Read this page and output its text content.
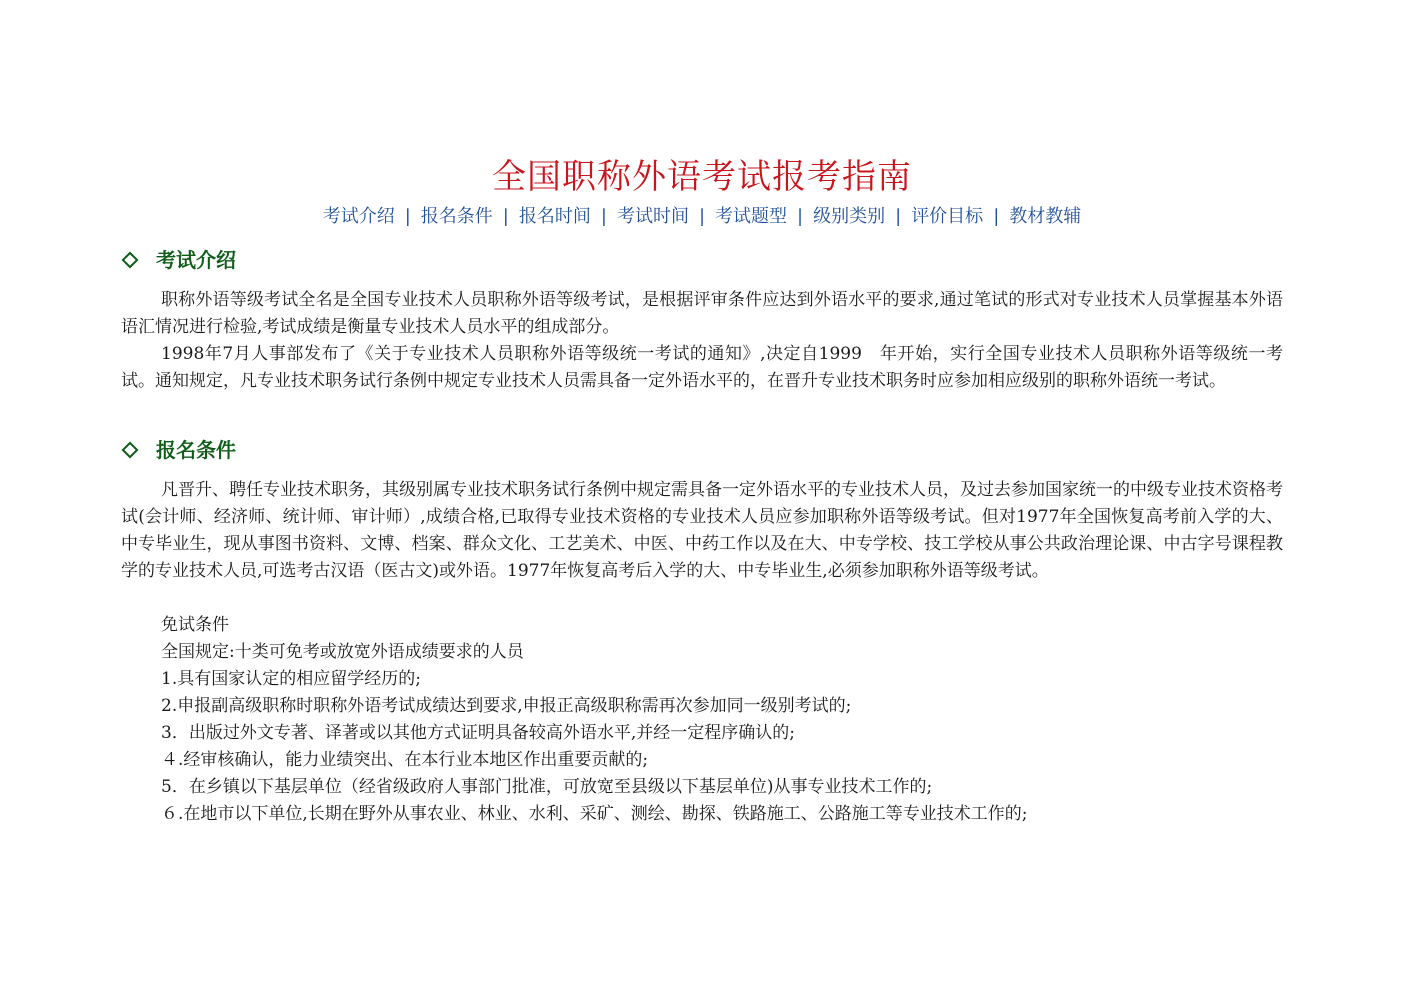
全国职称外语考试报考指南
考试介绍 | 报名条件 | 报名时间 | 考试时间 | 考试题型 | 级别类别 | 评价目标 | 教材教辅
考试介绍
职称外语等级考试全名是全国专业技术人员职称外语等级考试，是根据评审条件应达到外语水平的要求,通过笔试的形式对专业技术人员掌握基本外语语汇情况进行检验,考试成绩是衡量专业技术人员水平的组成部分。
1998年7月人事部发布了《关于专业技术人员职称外语等级统一考试的通知》,决定自1999　年开始，实行全国专业技术人员职称外语等级统一考试。通知规定，凡专业技术职务试行条例中规定专业技术人员需具备一定外语水平的，在晋升专业技术职务时应参加相应级别的职称外语统一考试。
报名条件
凡晋升、聘任专业技术职务，其级别属专业技术职务试行条例中规定需具备一定外语水平的专业技术人员，及过去参加国家统一的中级专业技术资格考试(会计师、经济师、统计师、审计师）,成绩合格,已取得专业技术资格的专业技术人员应参加职称外语等级考试。但对1977年全国恢复高考前入学的大、中专毕业生，现从事图书资料、文博、档案、群众文化、工艺美术、中医、中药工作以及在大、中专学校、技工学校从事公共政治理论课、中古字号课程教学的专业技术人员,可选考古汉语（医古文)或外语。1977年恢复高考后入学的大、中专毕业生,必须参加职称外语等级考试。
免试条件
全国规定:十类可免考或放宽外语成绩要求的人员
1.具有国家认定的相应留学经历的;
2.申报副高级职称时职称外语考试成绩达到要求,申报正高级职称需再次参加同一级别考试的;
3．出版过外文专著、译著或以其他方式证明具备较高外语水平,并经一定程序确认的;
４.经审核确认，能力业绩突出、在本行业本地区作出重要贡献的;
5．在乡镇以下基层单位（经省级政府人事部门批准，可放宽至县级以下基层单位)从事专业技术工作的;
６.在地市以下单位,长期在野外从事农业、林业、水利、采矿、测绘、勘探、铁路施工、公路施工等专业技术工作的;
